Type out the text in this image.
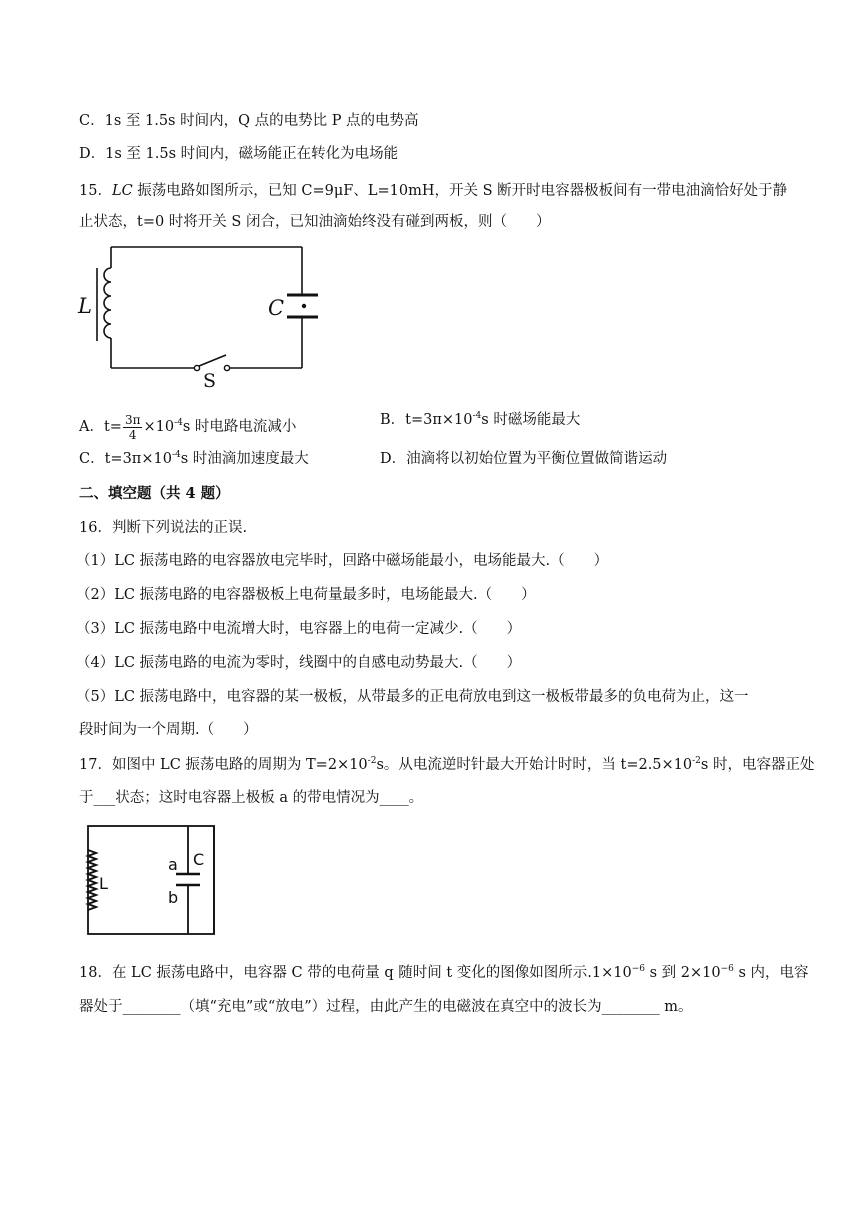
C．1s 至 1.5s 时间内，Q 点的电势比 P 点的电势高
D．1s 至 1.5s 时间内，磁场能正在转化为电场能
15．LC 振荡电路如图所示，已知 C=9μF、L=10mH，开关 S 断开时电容器极板间有一带电油滴恰好处于静
止状态，t=0 时将开关 S 闭合，已知油滴始终没有碰到两板，则（　　）
L	C
S
A．$t= \frac{3\pi}{4} \times 10^{-4}s$ 时电路电流减小	B．$t=3\pi\times 10^{-4}s$ 时磁场能最大
C．$t=3\pi\times 10^{-4}s$ 时油滴加速度最大	D．油滴将以初始位置为平衡位置做简谐运动
二、填空题（共 4 题）
16．判断下列说法的正误.
（1）LC 振荡电路的电容器放电完毕时，回路中磁场能最小，电场能最大.（　　）
（2）LC 振荡电路的电容器极板上电荷量最多时，电场能最大.（　　）
（3）LC 振荡电路中电流增大时，电容器上的电荷一定减少.（　　）
（4）LC 振荡电路的电流为零时，线圈中的自感电动势最大.（　　）
（5）LC 振荡电路中，电容器的某一极板，从带最多的正电荷放电到这一极板带最多的负电荷为止，这一
段时间为一个周期.（　　）
17．如图中 LC 振荡电路的周期为 $T=2\times 10^{-2}s$。从电流逆时针最大开始计时时，当 $t=2.5\times 10^{-2}s$ 时，电容器正处
于___状态；这时电容器上极板 a 的带电情况为____。
L
a
b
C
18．在 LC 振荡电路中，电容器 C 带的电荷量 q 随时间 t 变化的图像如图所示$.1\times 10^{-6}$ s 到 $2\times 10^{-6}$ s 内，电容
器处于________（填“充电”或“放电”）过程，由此产生的电磁波在真空中的波长为________ m。
